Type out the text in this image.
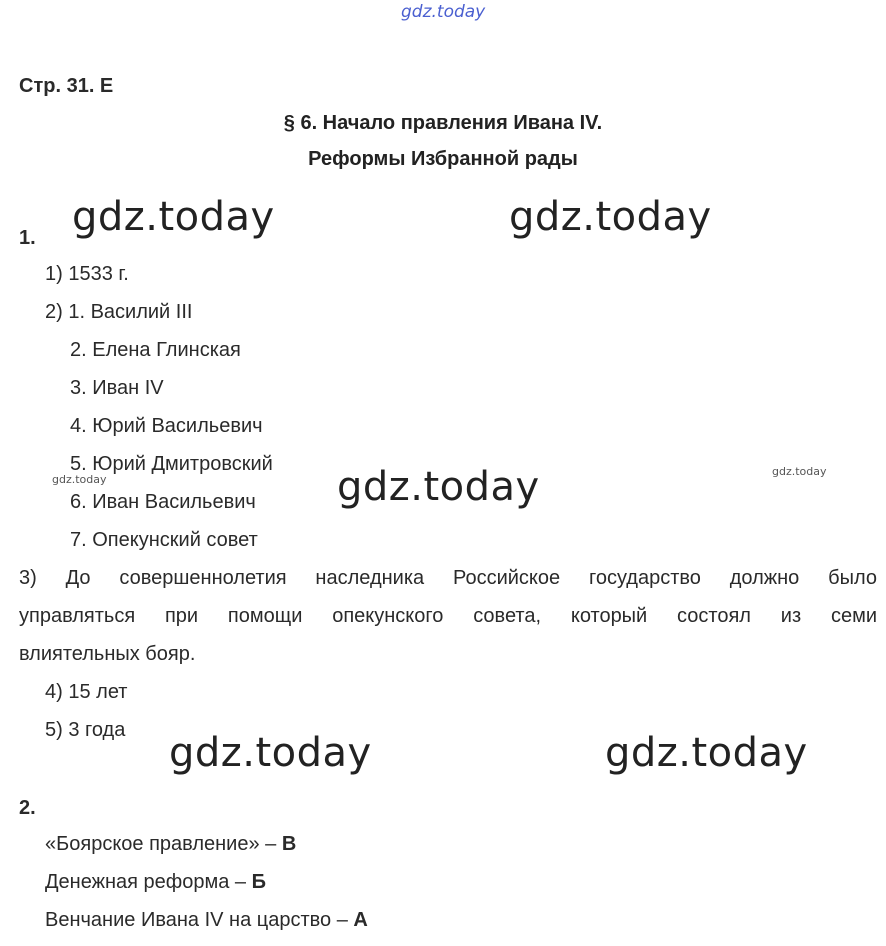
gdz.today
Стр. 31. Е
§ 6. Начало правления Ивана IV.
Реформы Избранной рады
gdz.today	gdz.today
1.
1) 1533 г.
2) 1. Василий III
2. Елена Глинская
3. Иван IV
4. Юрий Васильевич
5. Юрий Дмитровский
6. Иван Васильевич
7. Опекунский совет
gdz.today
gdz.today
gdz.today
3) До совершеннолетия наследника Российское государство должно было
управляться при помощи опекунского совета, который состоял из семи
влиятельных бояр.
4) 15 лет
5) 3 года gdz.today	gdz.today
2.
«Боярское правление» – В
Денежная реформа – Б
Венчание Ивана IV на царство – А
